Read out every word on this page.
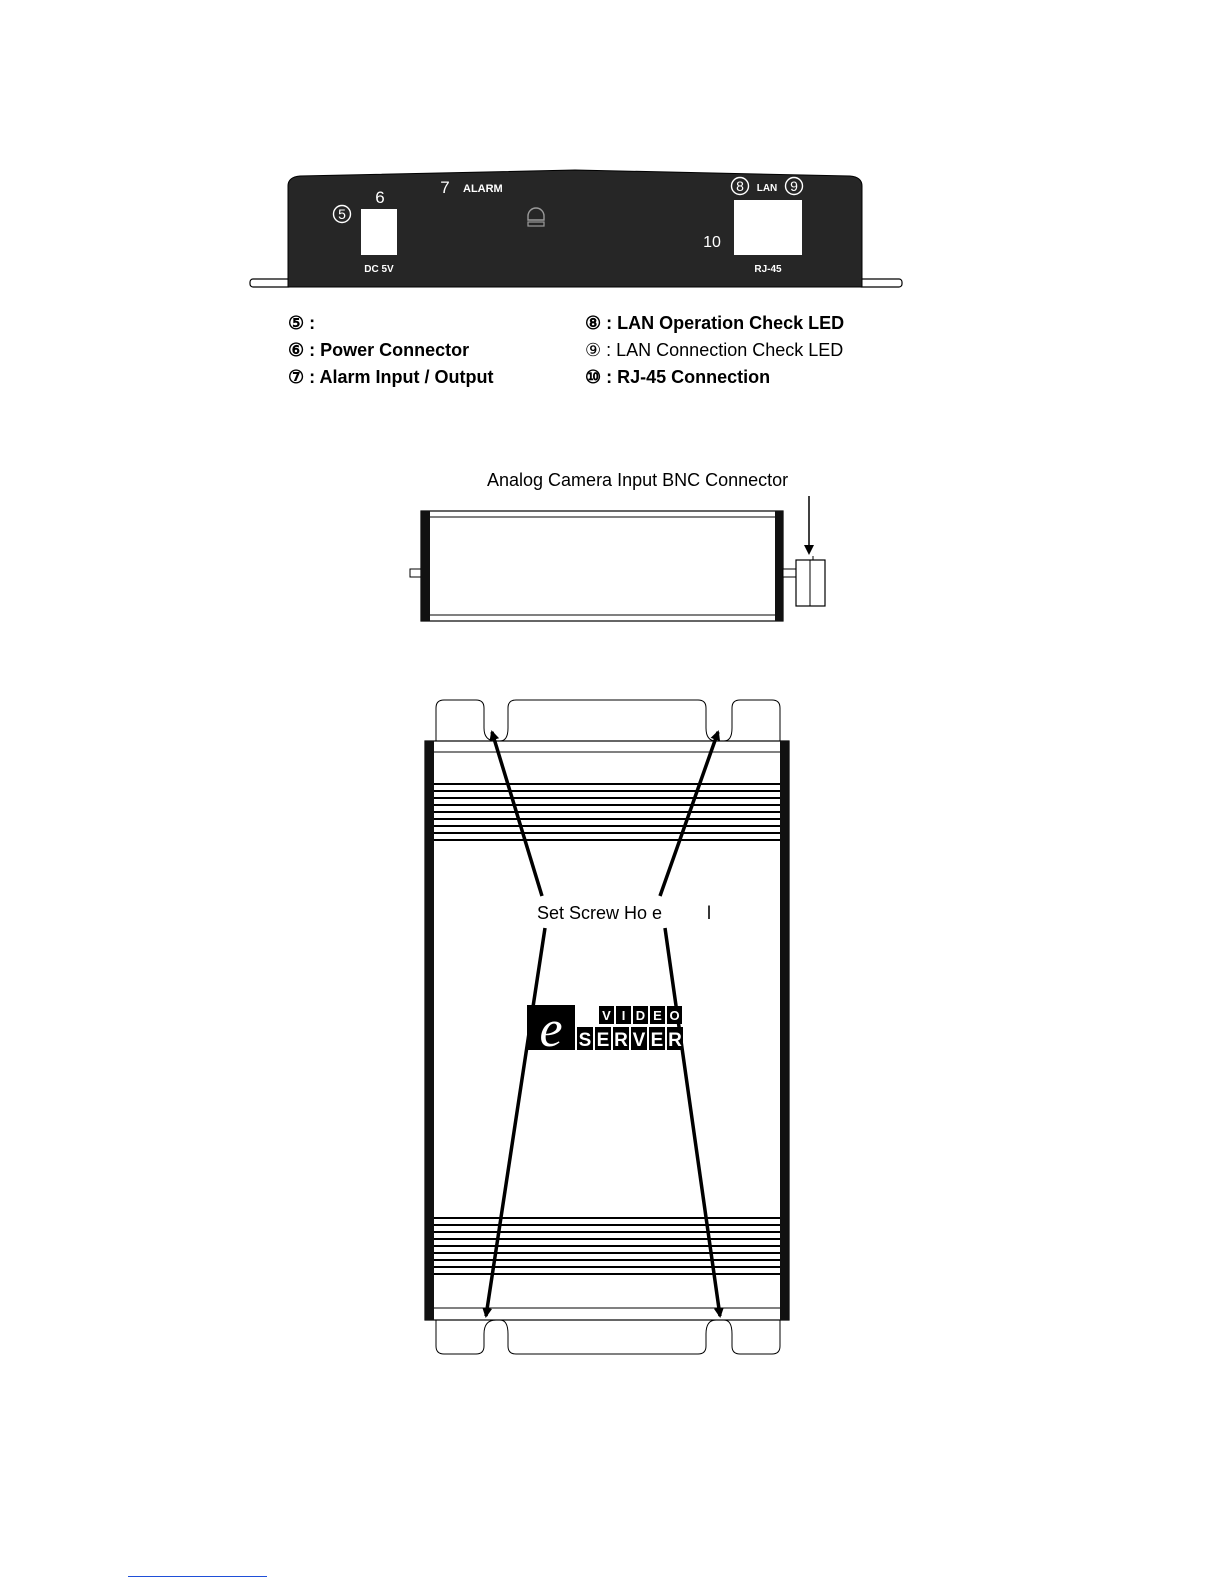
5
6
7 ALARM	8 LAN 9
10
DC 5V	RJ-45
Analog Camera Input BNC Connector
Set Screw Ho e         l
e	V I D E O
S E R V E R
⑤ :
⑥ : Power Connector
⑦ : Alarm Input / Output
⑧ : LAN Operation Check LED
⑨ : LAN Connection Check LED
⑩ : RJ-45 Connection
